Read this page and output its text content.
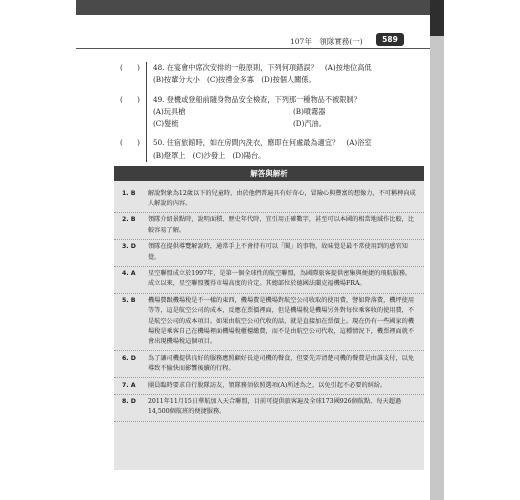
107年　領隊實務(一)	589
(　　)	48. 在宴會中席次安排的一般原則，下列何項錯誤？　(A)按地位高低
(B)按輩分大小　(C)按禮金多寡　(D)按個人關係。
(　　)	49. 登機或登船前隨身物品安全檢查，下列那一種物品不被限制？
(A)玩具槍	(B)噴霧器
(C)髮梳	(D)汽油。
(　　)	50. 住宿旅館時，如在房間內洗衣，應即在何處最為適宜？　(A)浴室
(B)燈罩上　(C)沙發上　(D)陽台。
解答與解析
1. B	解說對象為12歲以下的兒童時，由於他們普遍具有好奇心，冒險心與豐富的想像力，不可稱稗向成人解說的內容。
2. B	領隊介紹景點時，說明面積、歷史年代時，宜引用正確數字，甚至可以本國的相當地域作比較，比較容易了解。
3. D	領隊在提供導覽解說時，通常手上不會持有可以「聞」的事物，故味覺是最不常使用到的感官知覺。
4. A	星空聯盟成立於1997年，是第一個全球性的航空聯盟，為國際旅客提供密集與便捷的飛航服務。成立以來，星空聯盟獲得市場高度的肯定。其總部位於德國法蘭克福機場FRA。
5. B	機場費跟機場稅是不一樣的東西，機場費是機場對航空公司收取的使用費，譬如降落費，機坪使用等等，這是航空公司的成本，反應在票價裡面，但是機場稅是機場另外對每位乘客收的使用費，不是航空公司的成本項目。如果由航空公司代收的話，就是直接加在票價上。現在仍有一些國家的機場稅是乘客自己在機場裡面機場稅櫃檯繳費，而不是由航空公司代收，這種情況下，機票裡面就不會出現機場稅這個項目。
6. D	為了讓司機提供良好的服務應照顧好長途司機的餐食，但要先弄清楚司機的餐費是由誰支付，以免導致不愉快而影響後續的行程。
7. A	團員臨時要求自行脫隊訪友，領隊務須依照選項(A)所述為之，以免引起不必要的糾紛。
8. D	2011年11月15日華航加入天合聯盟，目前可提供旅客遍及全球173國926個航點、每天超過14,500個航班的便捷服務。
